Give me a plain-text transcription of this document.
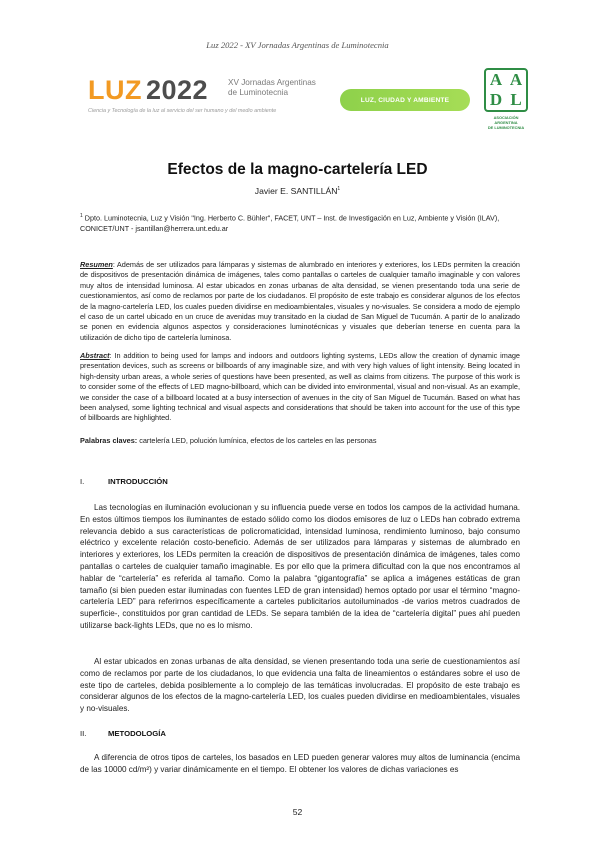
Luz 2022 - XV Jornadas Argentinas de Luminotecnia
LUZ 2022	XV Jornadas Argentinas
de Luminotecnia
Ciencia y Tecnología de la luz al servicio del ser humano y del medio ambiente
LUZ, CIUDAD Y AMBIENTE
A A
D L
ASOCIACIÓN
ARGENTINA
DE LUMINOTECNIA
Efectos de la magno-cartelería LED
Javier E. SANTILLÁN$^1$
$^1$ Dpto. Luminotecnia, Luz y Visión "Ing. Herberto C. Bühler", FACET, UNT – Inst. de Investigación en Luz, Ambiente y Visión (ILAV), CONICET/UNT - jsantillan@herrera.unt.edu.ar
Resumen: Además de ser utilizados para lámparas y sistemas de alumbrado en interiores y exteriores, los LEDs permiten la creación de dispositivos de presentación dinámica de imágenes, tales como pantallas o carteles de cualquier tamaño imaginable y con valores muy altos de intensidad luminosa. Al estar ubicados en zonas urbanas de alta densidad, se vienen presentando toda una serie de cuestionamientos, así como de reclamos por parte de los ciudadanos. El propósito de este trabajo es considerar algunos de los efectos de la magno-cartelería LED, los cuales pueden dividirse en medioambientales, visuales y no-visuales. Se considera a modo de ejemplo el caso de un cartel ubicado en un cruce de avenidas muy transitado en la ciudad de San Miguel de Tucumán. A partir de lo analizado se ponen en evidencia algunos aspectos y consideraciones luminotécnicas y visuales que deberían tenerse en cuenta para la utilización de dicho tipo de cartelería luminosa.
Abstract: In addition to being used for lamps and indoors and outdoors lighting systems, LEDs allow the creation of dynamic image presentation devices, such as screens or billboards of any imaginable size, and with very high values of light intensity. Being located in high-density urban areas, a whole series of questions have been presented, as well as claims from citizens. The purpose of this work is to consider some of the effects of LED magno-billboard, which can be divided into environmental, visual and non-visual. As an example, we consider the case of a billboard located at a busy intersection of avenues in the city of San Miguel de Tucumán. Based on what has been analysed, some lighting technical and visual aspects and considerations that should be taken into account for the use of this type of billboards are highlighted.
Palabras claves: cartelería LED, polución lumínica, efectos de los carteles en las personas
I.	INTRODUCCIÓN
Las tecnologías en iluminación evolucionan y su influencia puede verse en todos los campos de la actividad humana. En estos últimos tiempos los iluminantes de estado sólido como los diodos emisores de luz o LEDs han cobrado extrema relevancia debido a sus características de policromaticidad, intensidad luminosa, rendimiento luminoso, bajo consumo eléctrico y excelente relación costo-beneficio. Además de ser utilizados para lámparas y sistemas de alumbrado en interiores y exteriores, los LEDs permiten la creación de dispositivos de presentación dinámica de imágenes, tales como pantallas o carteles de cualquier tamaño imaginable. Es por ello que la primera dificultad con la que nos encontramos al hablar de “cartelería” es referida al tamaño. Como la palabra “gigantografía” se aplica a imágenes estáticas de gran tamaño (si bien pueden estar iluminadas con fuentes LED de gran intensidad) hemos optado por usar el término “magno-cartelería LED” para referirnos específicamente a carteles publicitarios autoiluminados -de varios metros cuadrados de superficie-, constituidos por gran cantidad de LEDs. Se separa también de la idea de “cartelería digital” pues ahí pueden utilizarse back-lights LEDs, que no es lo mismo.
Al estar ubicados en zonas urbanas de alta densidad, se vienen presentando toda una serie de cuestionamientos así como de reclamos por parte de los ciudadanos, lo que evidencia una falta de lineamientos o estándares sobre el uso de este tipo de carteles, debida posiblemente a lo complejo de las temáticas involucradas. El propósito de este trabajo es considerar algunos de los efectos de la magno-cartelería LED, los cuales pueden dividirse en medioambientales, visuales y no-visuales.
II.	METODOLOGÍA
A diferencia de otros tipos de carteles, los basados en LED pueden generar valores muy altos de luminancia (encima de las 10000 cd/m²) y variar dinámicamente en el tiempo. El obtener los valores de dichas variaciones es
52
